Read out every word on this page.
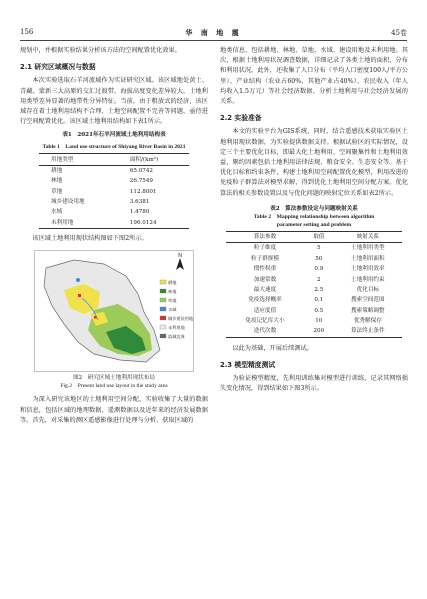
156	华 南 地 震	45卷

规划中，并根据实验结果分析该方法的空间配置优化效果。

2.1 研究区域概况与数据

本次实验选取石羊河流域作为实证研究区域。该区域地处黄土、青藏、蒙新三大高原的交汇过渡带，海拔高度变化差异较大，土地利用类型差异显著的地带性分异特征。当前，由于粗放式的经济，该区域存在着土地利用结构不合理、土地空间配置不完善等问题，亟待进行空间配置优化。该区域土地利用结构如下表1所示。

表1　2021年石羊河流域土地利用结构表
Table 1　Land use structure of Shiyang River Basin in 2021
用地类型	面积/(km²)
耕地	65.0742
林地	26.7549
草地	112.8001
城乡建设用地	3.6381
水域	1.4780
未利用地	196.0124

该区域土地利用现状结构图如下图2所示。

N
耕地
林地
草地
水域
城乡建设用地
未利用地
流域边界
图2　研究区域土地利用现状布局
Fig.2　Present land use layout in the study area

为深入研究该地区的土地利用空间分配，实验收集了大量的数据和信息，包括区域的地理数据、遥测数据以及近年来的经济发展数据等。首先，对采集的测区遥感影像进行处理与分析，获取区域的

地类信息，包括耕地、林地、草地、水域、建设用地及未利用地。其次，根据土地利用状况调查数据，详细记录了各类土地的面积、分布和利用状况。此外，还收集了人口分布（平均人口密度100人/平方公里）、产业结构（农业占60%，其他产业占40%）、农民收入（年人均收入1.5万元）等社会经济数据，分析土地利用与社会经济发展的关系。

2.2 实验准备

本文的实验平台为GIS系统，同时，结合遥感技术获取实验区土地利用现状数据，为实验提供数据支持。根据试验区的实际情况，设定三个主要优化目标，即最大化土地利用、空间聚集性和土地利用效益，剔约因素包括土地利用法律法规、粮食安全、生态安全等。基于优化目标和约束条件，构建土地利用空间配置优化模型，利用改进的免疫粒子群算法对模型求解，得到优化土地利用空间分配方案。优化算法的相关参数设置以及与优化问题的映射定位关系如表2所示。

表2　算法参数设定与问题映射关系
Table 2　Mapping relationship between algorithm
parameter setting and problem
算法参数	取值	映射关系
粒子维度	5	土地利用类型
粒子群规模	50	土地利用面积
惯性权重	0.9	土地利用效率
加速常数	2	土地利用约束
最大速度	2.5	优化目标
免疫选择概率	0.1	搜索空间范围
适应度值	0.5	搜索策略调整
免疫记忆库大小	10	优秀解保存
迭代次数	200	算法终止条件

以此为基础，开展后续测试。

2.3 模型精度测试

为验证模型精度，先利用训练集对模型进行训练，记录其网络损失变化情况，得到结果如下图3所示。
